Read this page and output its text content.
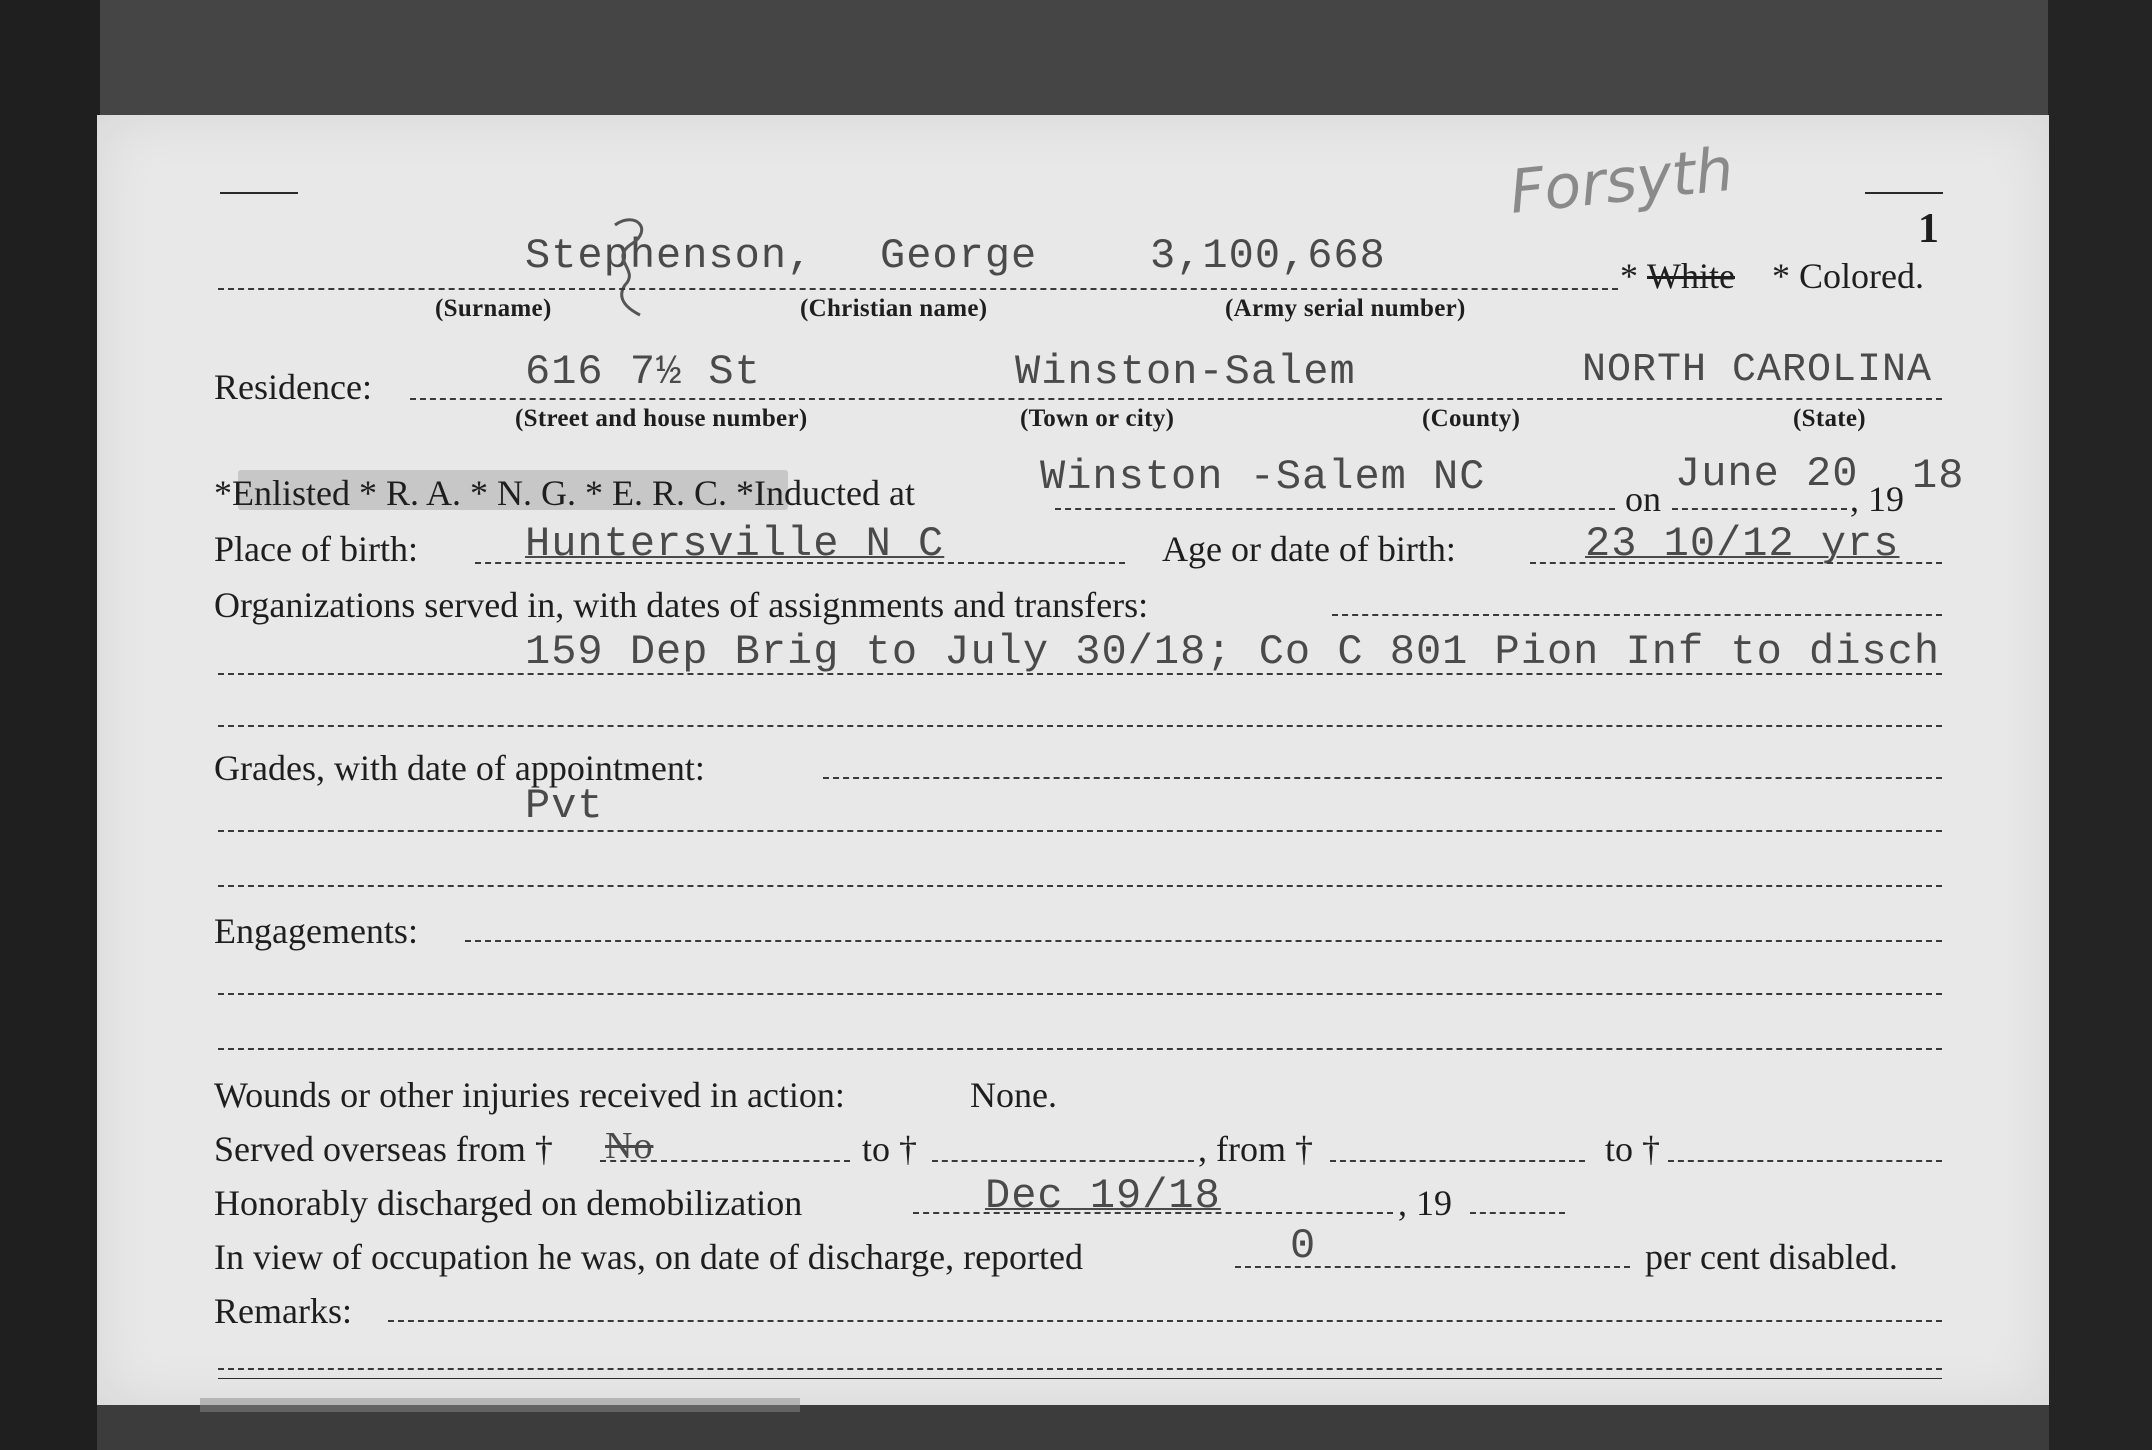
Forsyth
1
Stephenson, George	3,100,668	* White * Colored.
(Surname)	(Christian name)	(Army serial number)
Residence:	616 7½ St	Winston-Salem	NORTH CAROLINA
(Street and house number)	(Town or city)	(County)	(State)
*Enlisted * R. A. * N. G. * E. R. C. *Inducted at	Winston -Salem NC	on
June 20
, 19 18
Place of birth:	Huntersville N C	Age or date of birth:	23 10/12 yrs
Organizations served in, with dates of assignments and transfers:
159 Dep Brig to July 30/18; Co C 801 Pion Inf to disch
Grades, with date of appointment:
Pvt
Engagements:
Wounds or other injuries received in action:	None.
Served overseas from † No	to †	, from †	to †
Honorably discharged on demobilization	Dec 19/18	, 19
In view of occupation he was, on date of discharge, reported	0	per cent disabled.
Remarks:
